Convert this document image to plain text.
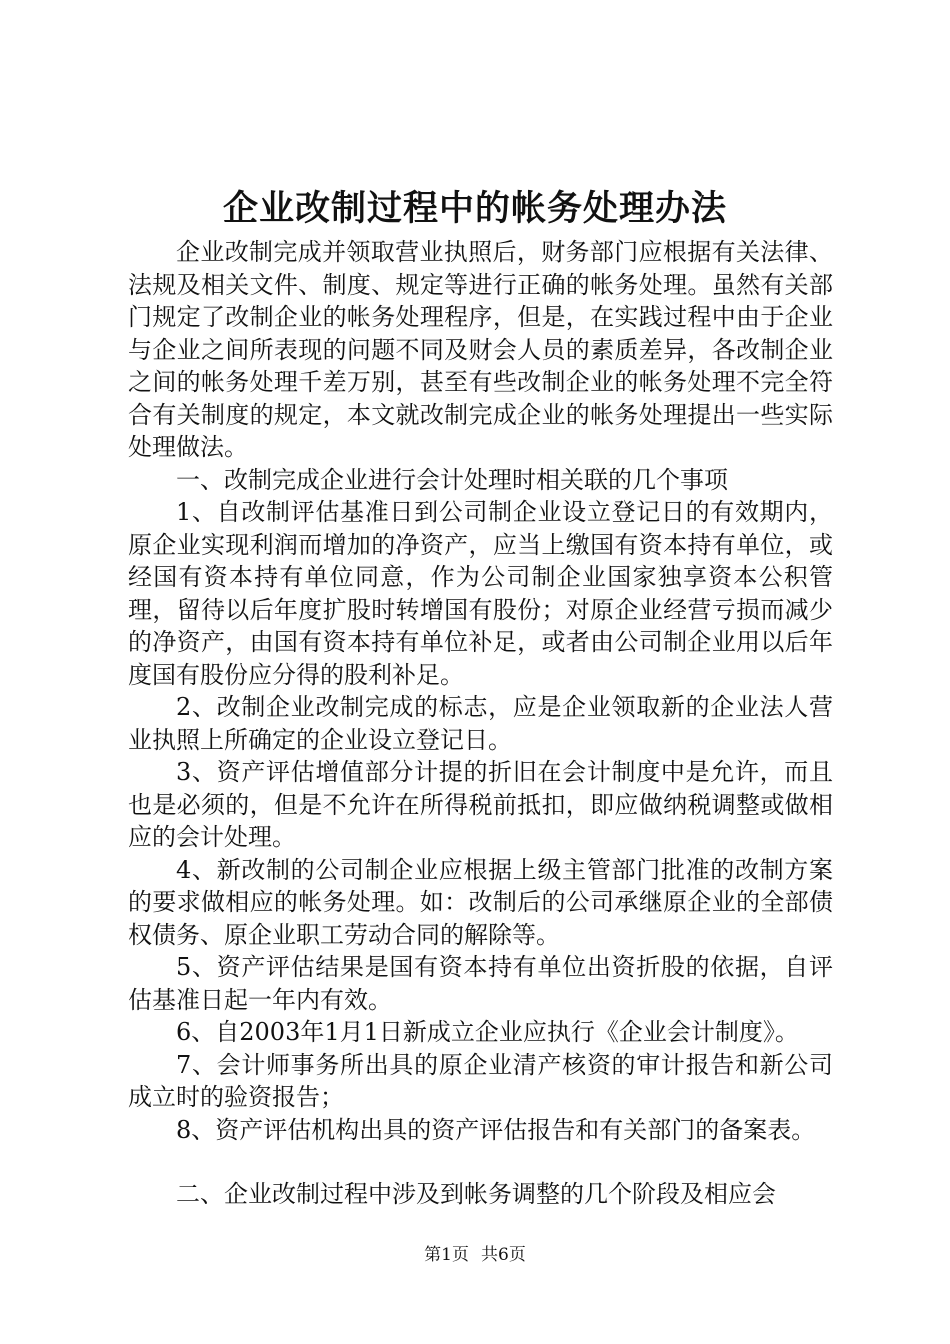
企业改制过程中的帐务处理办法

企业改制完成并领取营业执照后，财务部门应根据有关法律、法规及相关文件、制度、规定等进行正确的帐务处理。虽然有关部门规定了改制企业的帐务处理程序，但是，在实践过程中由于企业与企业之间所表现的问题不同及财会人员的素质差异，各改制企业之间的帐务处理千差万别，甚至有些改制企业的帐务处理不完全符合有关制度的规定，本文就改制完成企业的帐务处理提出一些实际处理做法。

一、改制完成企业进行会计处理时相关联的几个事项

1、自改制评估基准日到公司制企业设立登记日的有效期内，原企业实现利润而增加的净资产，应当上缴国有资本持有单位，或经国有资本持有单位同意，作为公司制企业国家独享资本公积管理，留待以后年度扩股时转增国有股份；对原企业经营亏损而减少的净资产，由国有资本持有单位补足，或者由公司制企业用以后年度国有股份应分得的股利补足。

2、改制企业改制完成的标志，应是企业领取新的企业法人营业执照上所确定的企业设立登记日。

3、资产评估增值部分计提的折旧在会计制度中是允许，而且也是必须的，但是不允许在所得税前抵扣，即应做纳税调整或做相应的会计处理。

4、新改制的公司制企业应根据上级主管部门批准的改制方案的要求做相应的帐务处理。如：改制后的公司承继原企业的全部债权债务、原企业职工劳动合同的解除等。

5、资产评估结果是国有资本持有单位出资折股的依据，自评估基准日起一年内有效。

6、自2003年1月1日新成立企业应执行《企业会计制度》。

7、会计师事务所出具的原企业清产核资的审计报告和新公司成立时的验资报告；

8、资产评估机构出具的资产评估报告和有关部门的备案表。

二、企业改制过程中涉及到帐务调整的几个阶段及相应会

第1页 共6页
